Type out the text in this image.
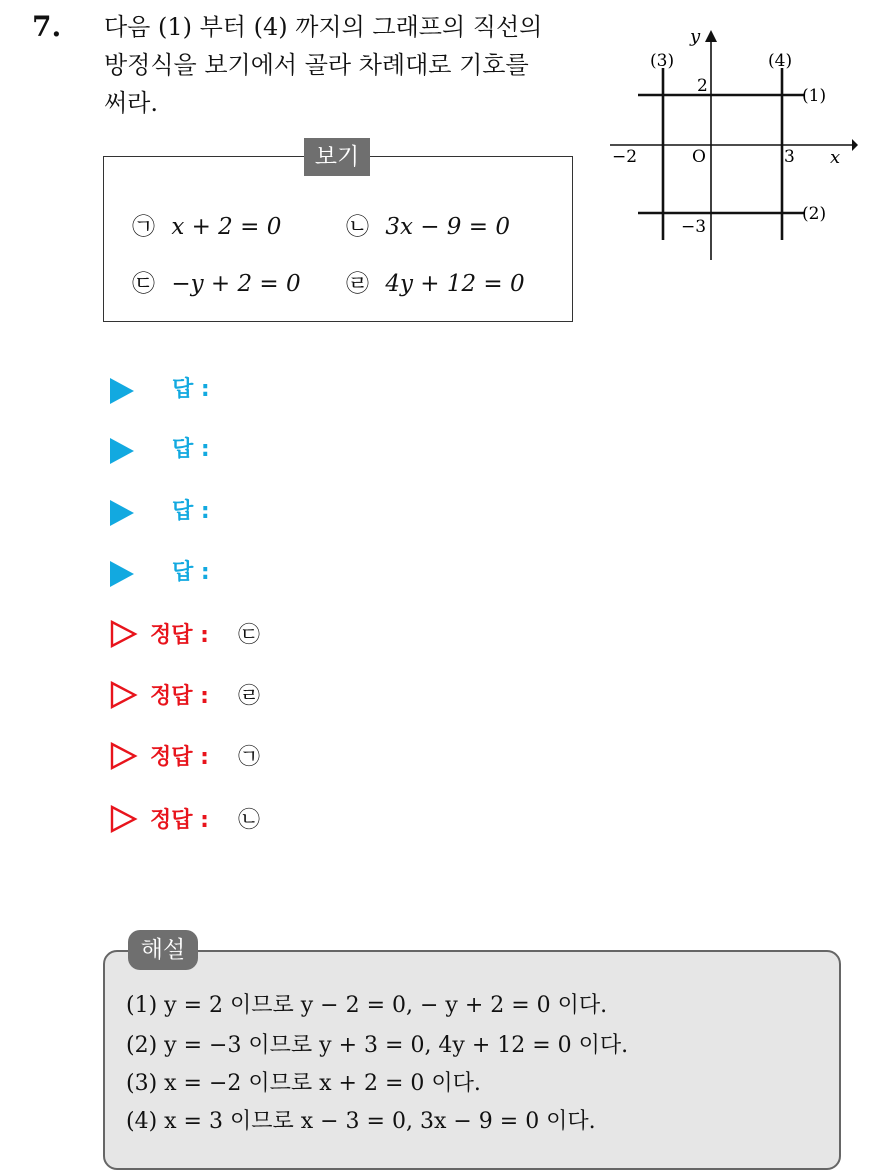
7. 다음 (1) 부터 (4) 까지의 그래프의 직선의
방정식을 보기에서 골라 차례대로 기호를
써라.
보기
㉠ x + 2 = 0	㉡ 3x − 9 = 0
㉢ −y + 2 = 0 ㉣ 4y + 12 = 0
y
x
O
−2	3
2
−3
(1)
(2)
(3)	(4)
답 :
답 :
답 :
답 :
정답 : ㉢
정답 : ㉣
정답 : ㉠
정답 : ㉡
해설
(1) y = 2 이므로 y − 2 = 0, − y + 2 = 0 이다.
(2) y = −3 이므로 y + 3 = 0, 4y + 12 = 0 이다.
(3) x = −2 이므로 x + 2 = 0 이다.
(4) x = 3 이므로 x − 3 = 0, 3x − 9 = 0 이다.
